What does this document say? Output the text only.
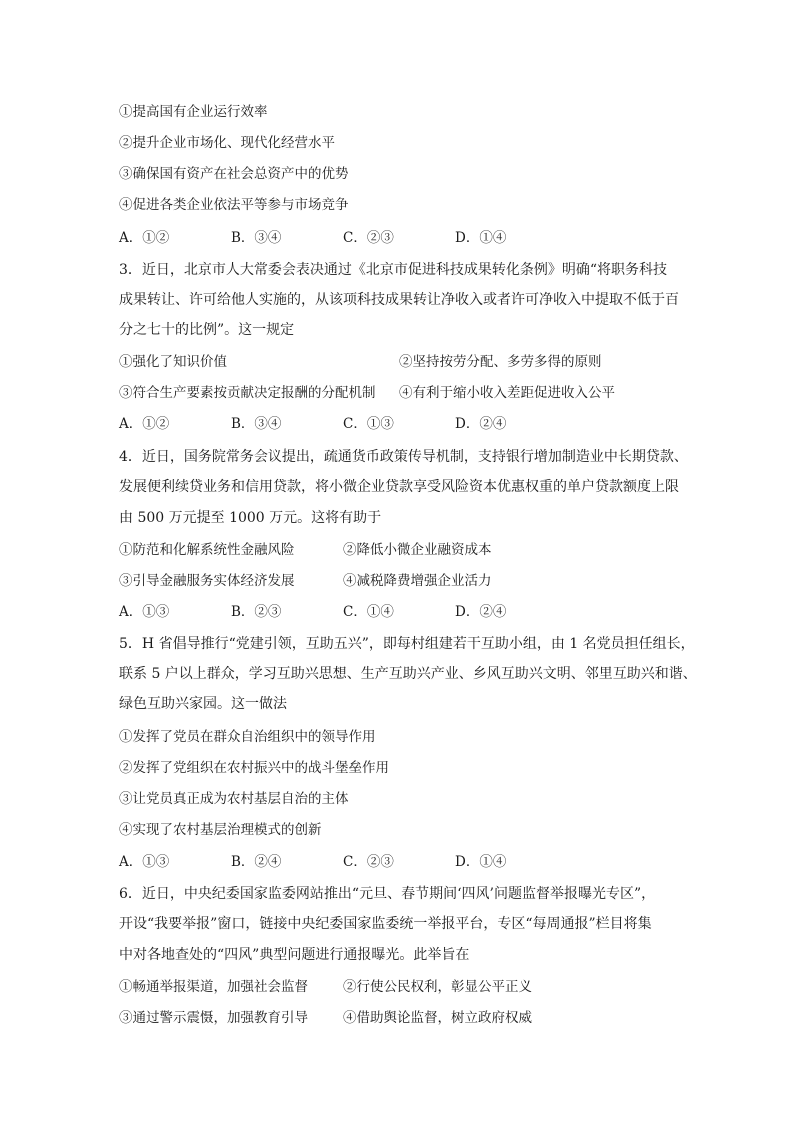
①提高国有企业运行效率
②提升企业市场化、现代化经营水平
③确保国有资产在社会总资产中的优势
④促进各类企业依法平等参与市场竞争
A．①②	B．③④	C．②③	D．①④
3．近日，北京市人大常委会表决通过《北京市促进科技成果转化条例》明确“将职务科技
成果转让、许可给他人实施的，从该项科技成果转让净收入或者许可净收入中提取不低于百
分之七十的比例”。这一规定
①强化了知识价值	②坚持按劳分配、多劳多得的原则
③符合生产要素按贡献决定报酬的分配机制 ④有利于缩小收入差距促进收入公平
A．①②	B．③④	C．①③	D．②④
4．近日，国务院常务会议提出，疏通货币政策传导机制，支持银行增加制造业中长期贷款、
发展便利续贷业务和信用贷款，将小微企业贷款享受风险资本优惠权重的单户贷款额度上限
由 500 万元提至 1000 万元。这将有助于
①防范和化解系统性金融风险	②降低小微企业融资成本
③引导金融服务实体经济发展	④减税降费增强企业活力
A．①③	B．②③	C．①④	D．②④
5．H 省倡导推行“党建引领，互助五兴”，即每村组建若干互助小组，由 1 名党员担任组长，
联系 5 户以上群众，学习互助兴思想、生产互助兴产业、乡风互助兴文明、邻里互助兴和谐、
绿色互助兴家园。这一做法
①发挥了党员在群众自治组织中的领导作用
②发挥了党组织在农村振兴中的战斗堡垒作用
③让党员真正成为农村基层自治的主体
④实现了农村基层治理模式的创新
A．①③	B．②④	C．②③	D．①④
6．近日，中央纪委国家监委网站推出“元旦、春节期间‘四风’问题监督举报曝光专区”，
开设“我要举报”窗口，链接中央纪委国家监委统一举报平台，专区“每周通报”栏目将集
中对各地查处的“四风”典型问题进行通报曝光。此举旨在
①畅通举报渠道，加强社会监督	②行使公民权利，彰显公平正义
③通过警示震慑，加强教育引导	④借助舆论监督，树立政府权威
